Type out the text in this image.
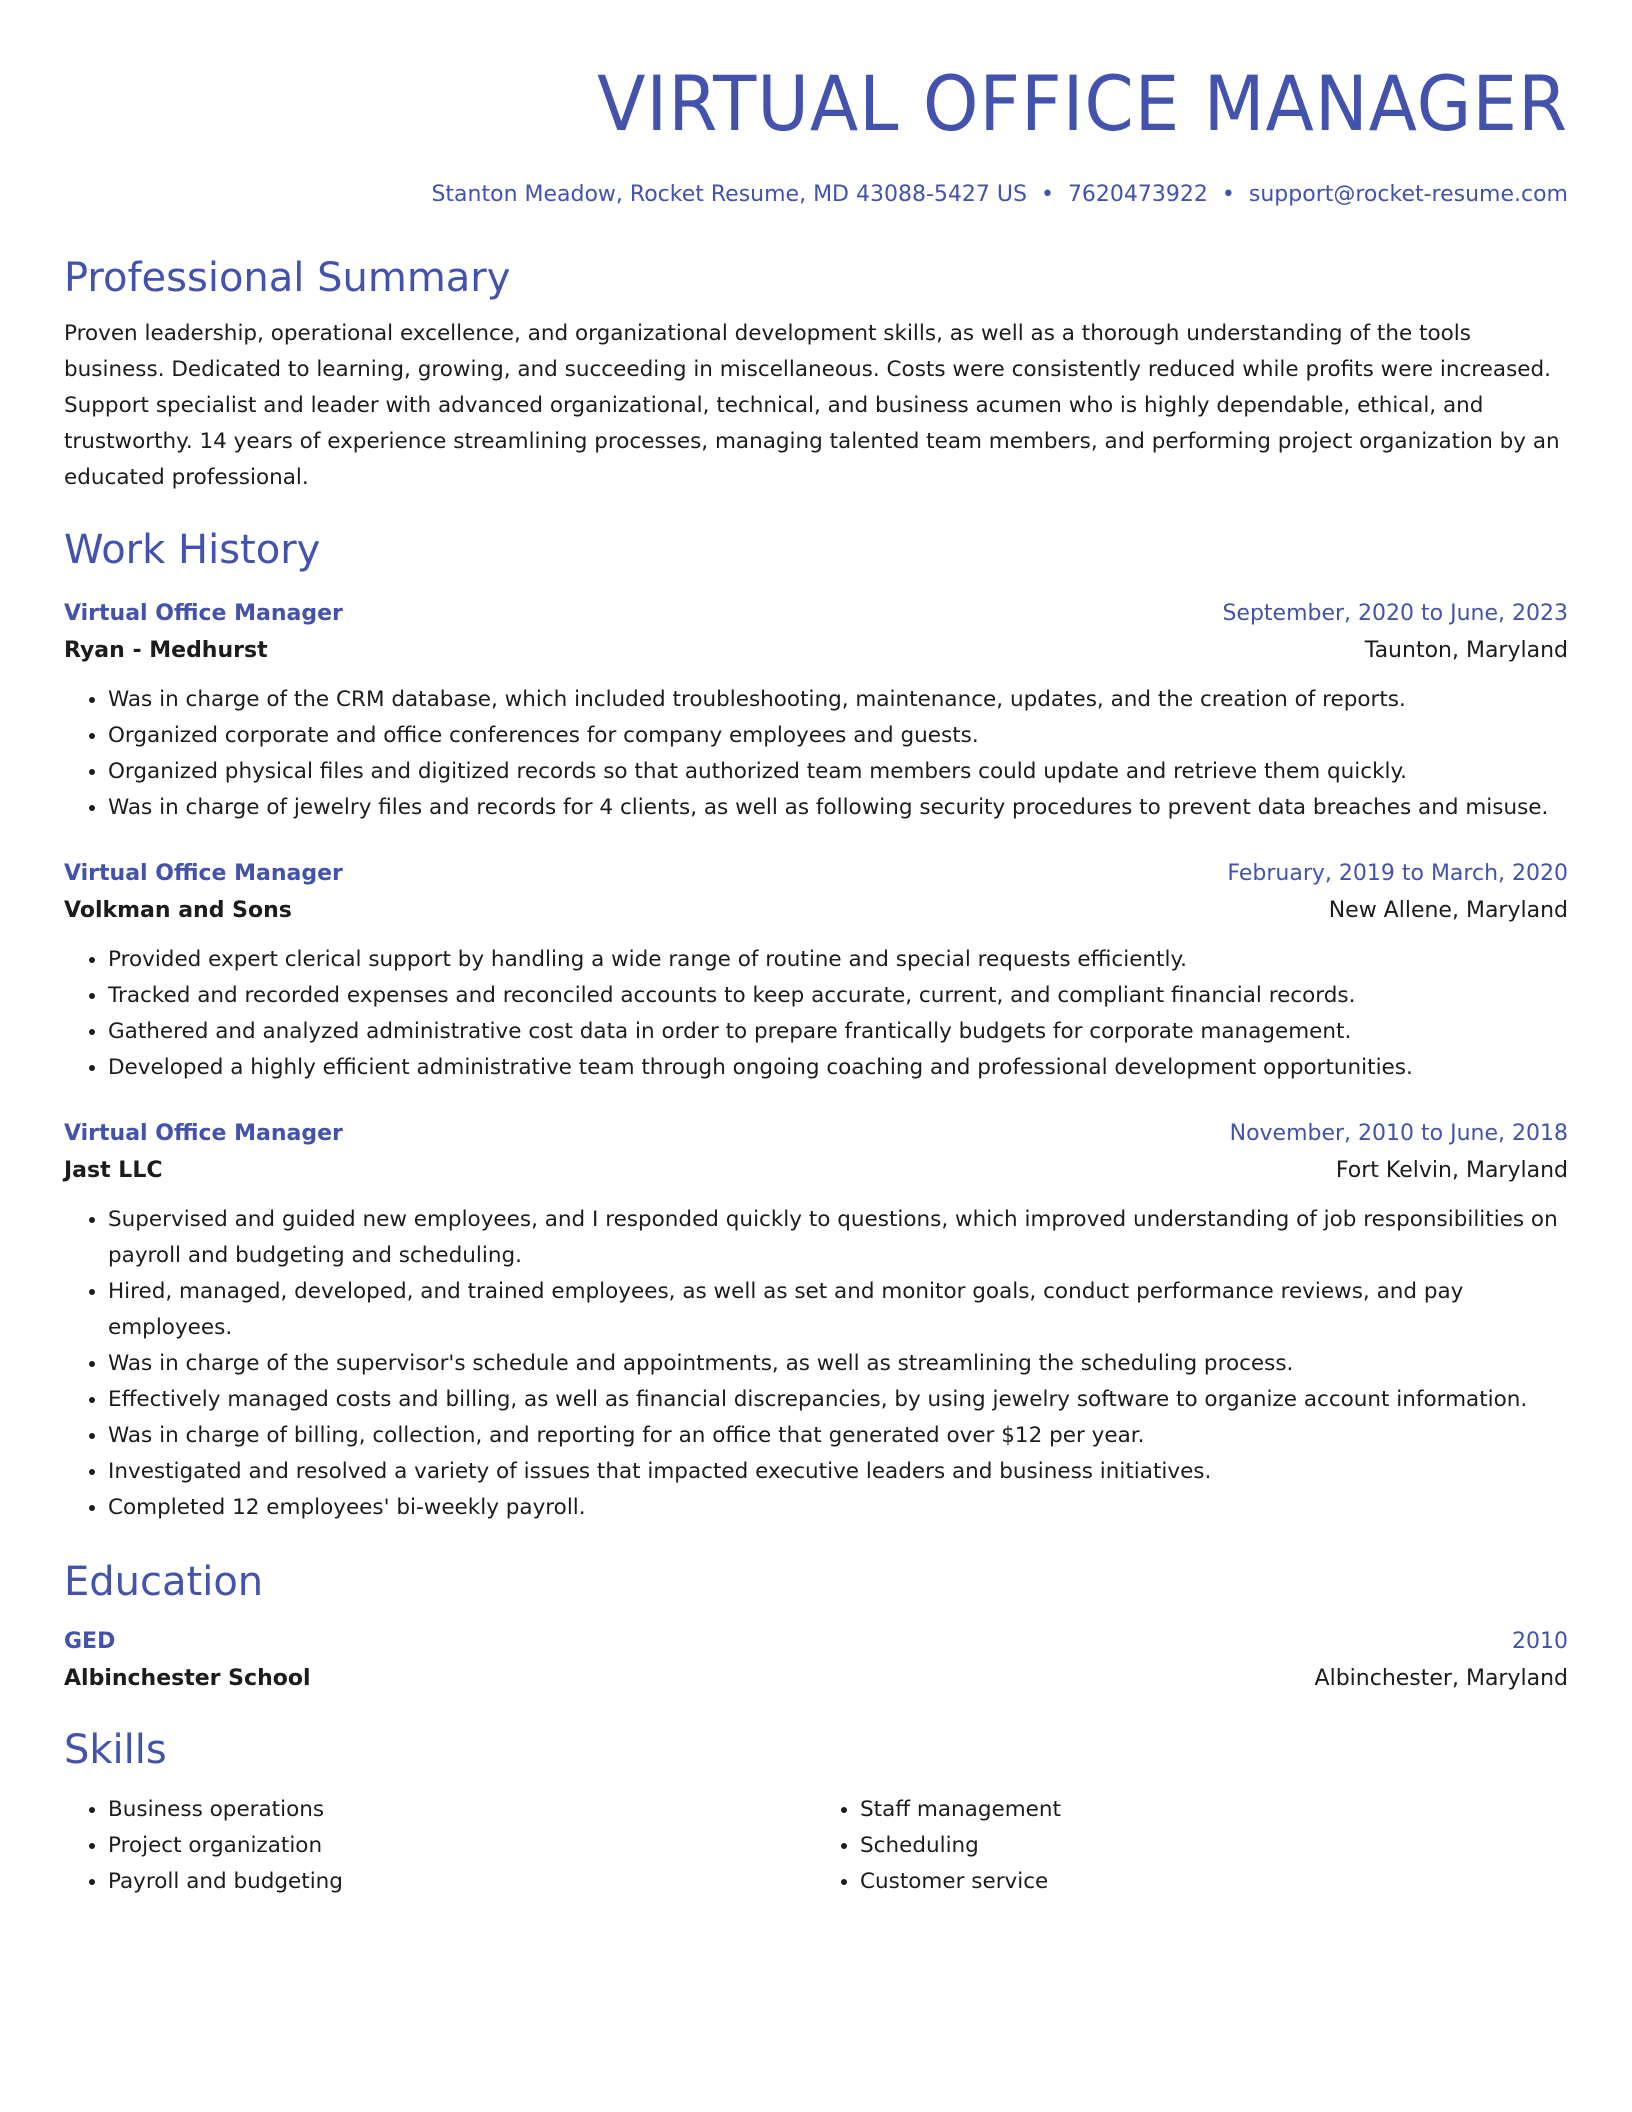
VIRTUAL OFFICE MANAGER
Stanton Meadow, Rocket Resume, MD 43088-5427 US • 7620473922 • support@rocket-resume.com
Professional Summary

Proven leadership, operational excellence, and organizational development skills, as well as a thorough understanding of the tools business. Dedicated to learning, growing, and succeeding in miscellaneous. Costs were consistently reduced while profits were increased. Support specialist and leader with advanced organizational, technical, and business acumen who is highly dependable, ethical, and trustworthy. 14 years of experience streamlining processes, managing talented team members, and performing project organization by an educated professional.

Work History
Virtual Office Manager	September, 2020 to June, 2023
Ryan - Medhurst	Taunton, Maryland
• Was in charge of the CRM database, which included troubleshooting, maintenance, updates, and the creation of reports.
• Organized corporate and office conferences for company employees and guests.
• Organized physical files and digitized records so that authorized team members could update and retrieve them quickly.
• Was in charge of jewelry files and records for 4 clients, as well as following security procedures to prevent data breaches and misuse.
Virtual Office Manager	February, 2019 to March, 2020
Volkman and Sons	New Allene, Maryland
• Provided expert clerical support by handling a wide range of routine and special requests efficiently.
• Tracked and recorded expenses and reconciled accounts to keep accurate, current, and compliant financial records.
• Gathered and analyzed administrative cost data in order to prepare frantically budgets for corporate management.
• Developed a highly efficient administrative team through ongoing coaching and professional development opportunities.
Virtual Office Manager	November, 2010 to June, 2018
Jast LLC	Fort Kelvin, Maryland
• Supervised and guided new employees, and I responded quickly to questions, which improved understanding of job responsibilities on payroll and budgeting and scheduling.
• Hired, managed, developed, and trained employees, as well as set and monitor goals, conduct performance reviews, and pay employees.
• Was in charge of the supervisor's schedule and appointments, as well as streamlining the scheduling process.
• Effectively managed costs and billing, as well as financial discrepancies, by using jewelry software to organize account information.
• Was in charge of billing, collection, and reporting for an office that generated over $12 per year.
• Investigated and resolved a variety of issues that impacted executive leaders and business initiatives.
• Completed 12 employees' bi-weekly payroll.
Education
GED	2010
Albinchester School	Albinchester, Maryland
Skills
• Business operations
• Project organization
• Payroll and budgeting
• Staff management
• Scheduling
• Customer service
